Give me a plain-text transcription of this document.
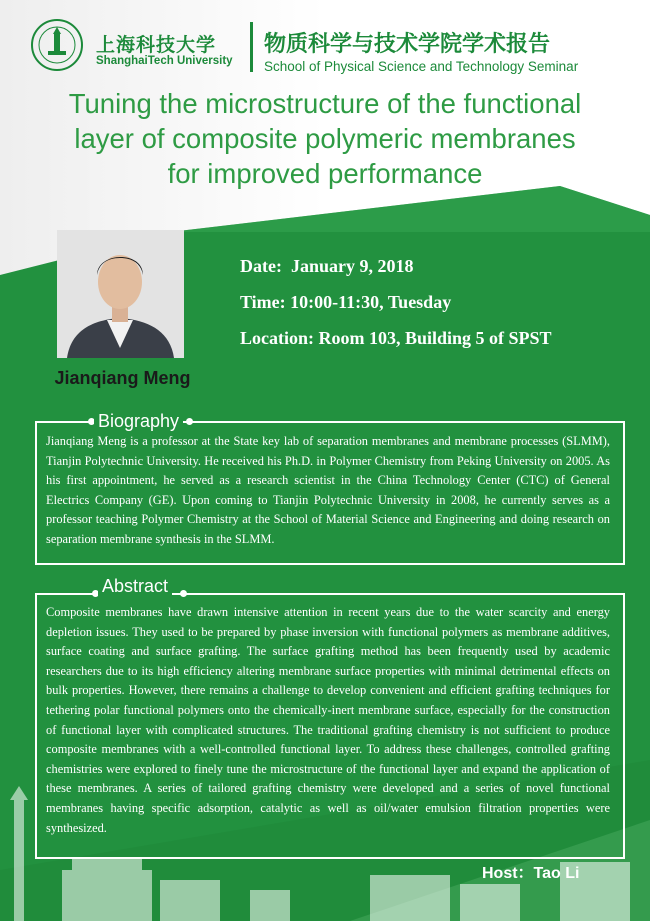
上海科技大学
ShanghaiTech University
物质科学与技术学院学术报告
School of Physical Science and Technology Seminar
Tuning the microstructure of the functional
layer of composite polymeric membranes
for improved performance
Jianqiang Meng
Date:  January 9, 2018
Time: 10:00-11:30, Tuesday
Location: Room 103, Building 5 of SPST
Biography
Jianqiang Meng is a professor at the State key lab of separation membranes and membrane processes (SLMM), Tianjin Polytechnic University. He received his Ph.D. in Polymer Chemistry from Peking University on 2005. As his first appointment, he served as a research scientist in the China Technology Center (CTC) of General Electrics Company (GE). Upon coming to Tianjin Polytechnic University in 2008, he currently serves as a professor teaching Polymer Chemistry at the School of Material Science and Engineering and doing research on separation membrane synthesis in the SLMM.
Abstract
Composite membranes have drawn intensive attention in recent years due to the water scarcity and energy depletion issues. They used to be prepared by phase inversion with functional polymers as membrane additives, surface coating and surface grafting. The surface grafting method has been frequently used by academic researchers due to its high efficiency altering membrane surface properties with minimal detrimental effects on bulk properties. However, there remains a challenge to develop convenient and efficient grafting techniques for tethering polar functional polymers onto the chemically-inert membrane surface, especially for the construction of functional layer with complicated structures. The traditional grafting chemistry is not sufficient to produce composite membranes with a well-controlled functional layer. To address these challenges, controlled grafting chemistries were explored to finely tune the microstructure of the functional layer and expand the application of these membranes. A series of tailored grafting chemistry were developed and a series of novel functional membranes having specific adsorption, catalytic as well as oil/water emulsion filtration properties were synthesized.
Host：Tao Li
